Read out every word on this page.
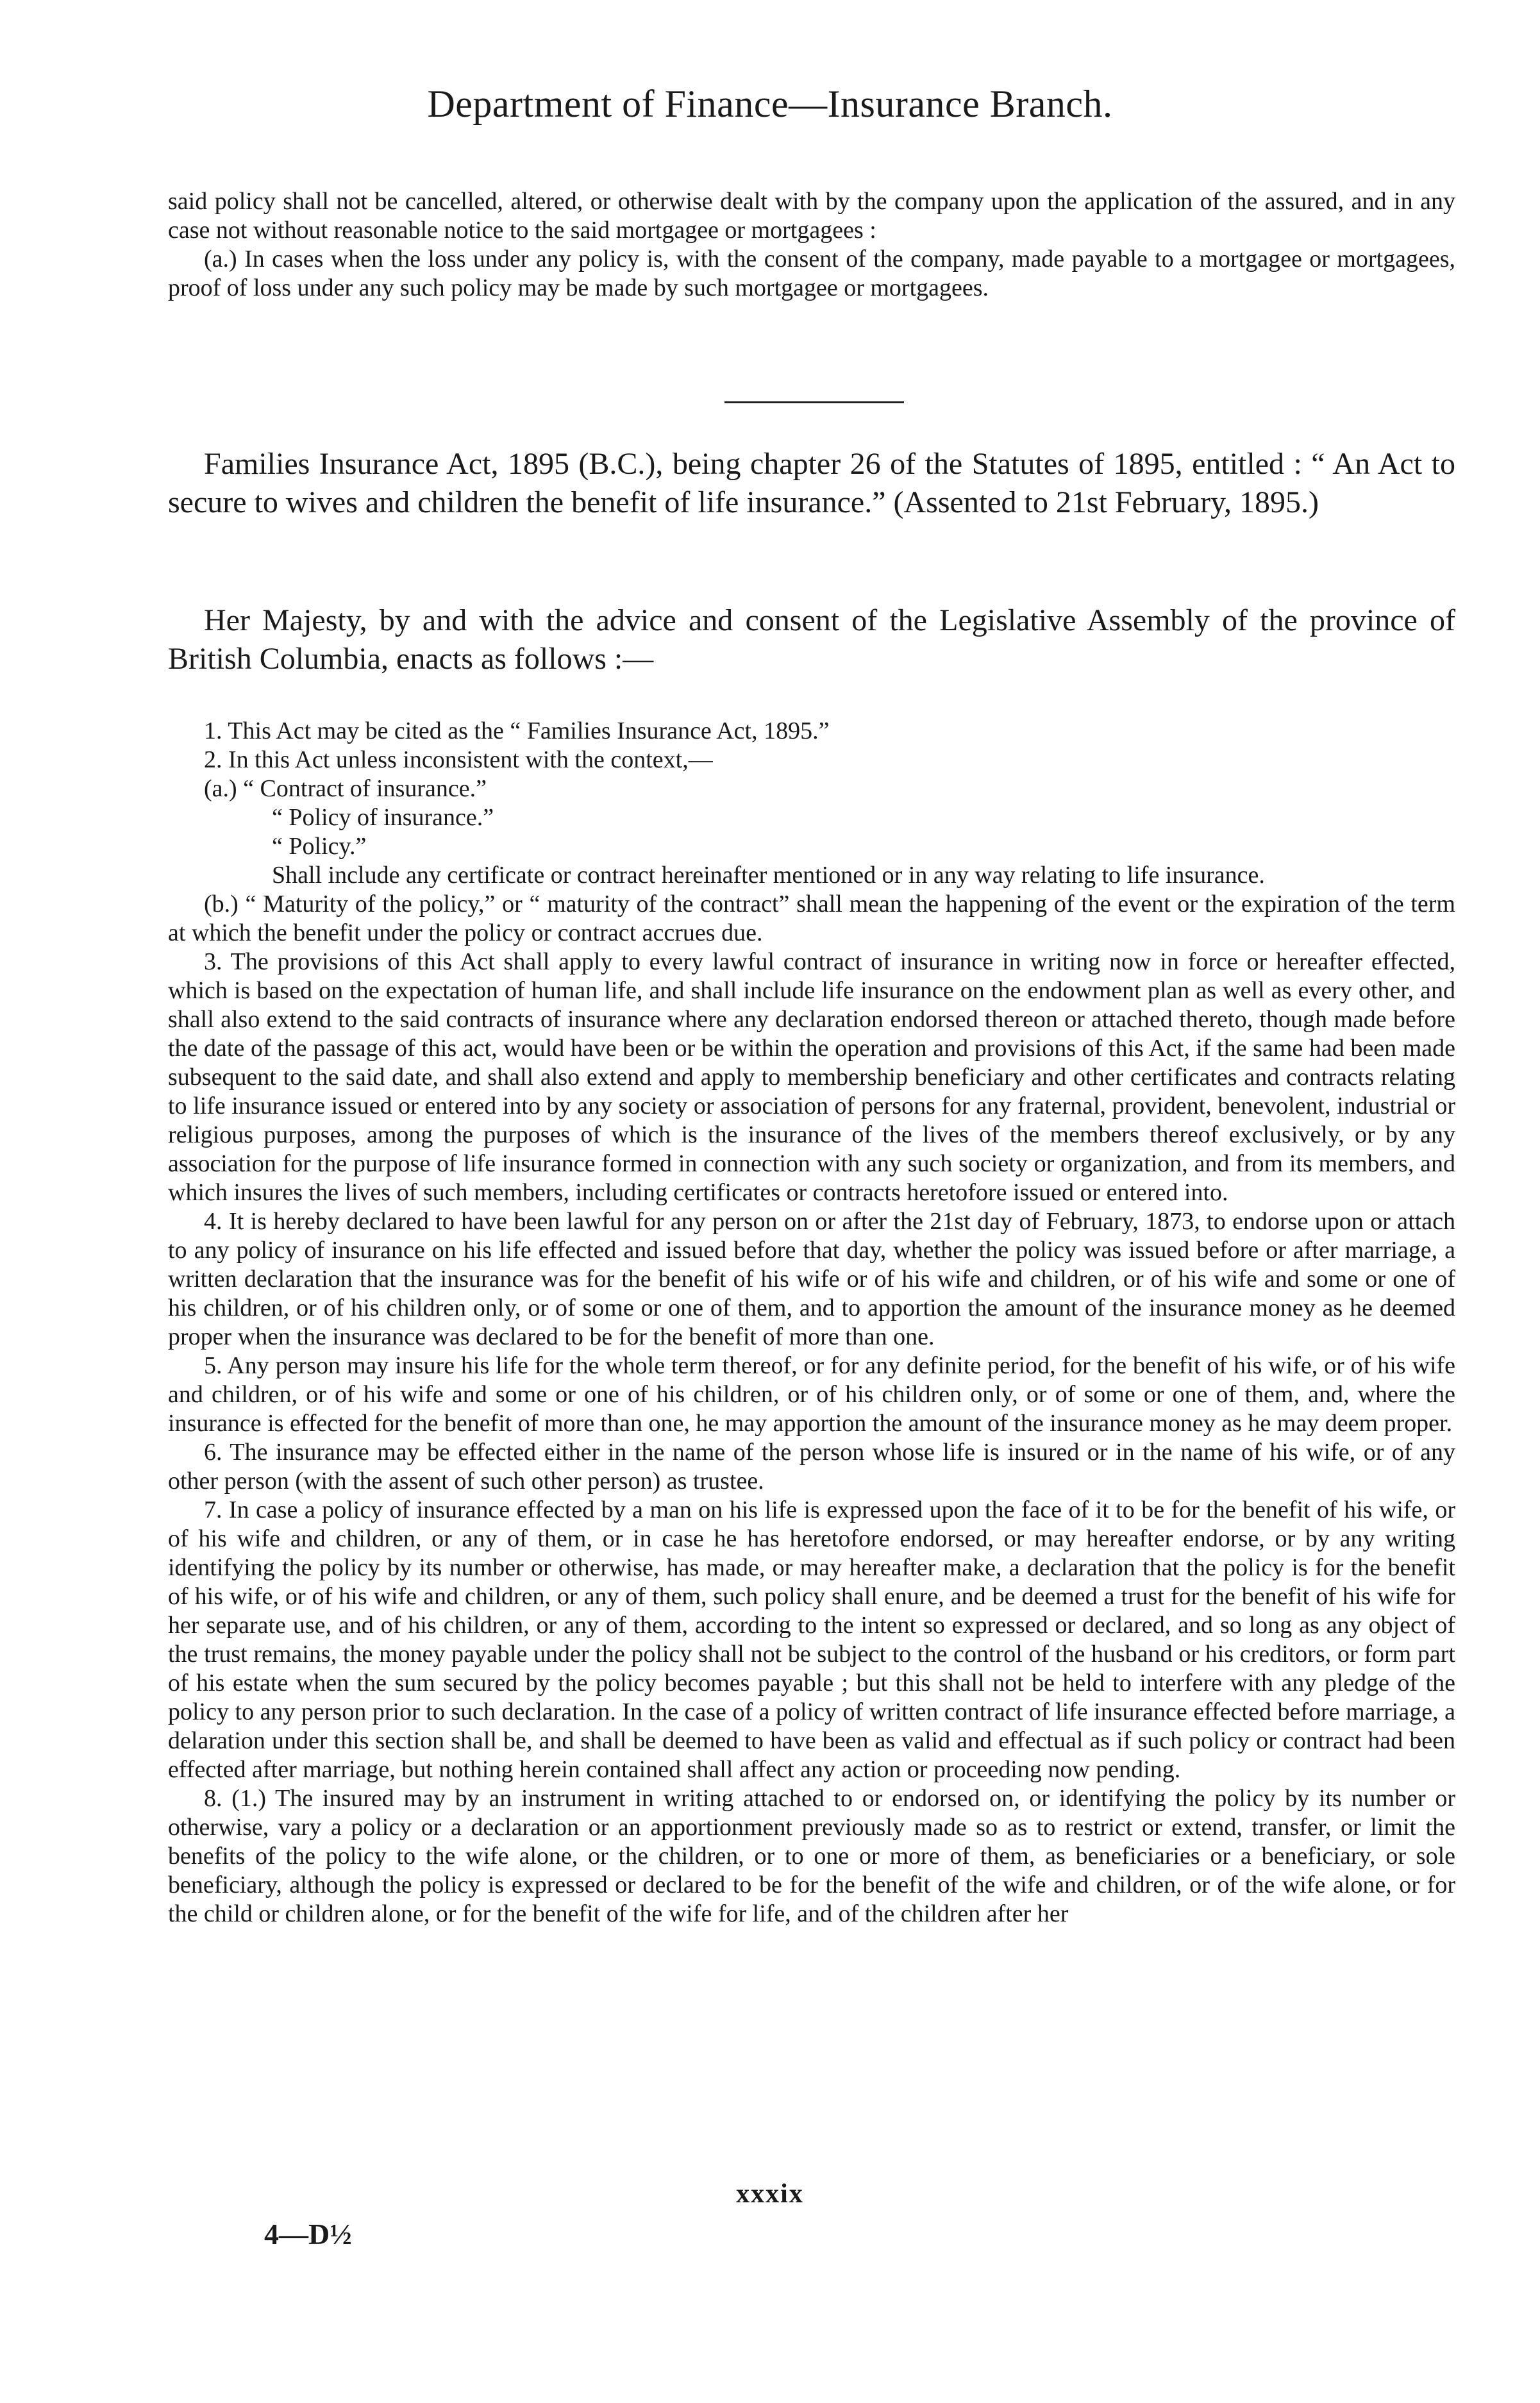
Department of Finance—Insurance Branch.

said policy shall not be cancelled, altered, or otherwise dealt with by the company upon the application of the assured, and in any case not without reasonable notice to the said mortgagee or mortgagees :

(a.) In cases when the loss under any policy is, with the consent of the company, made payable to a mortgagee or mortgagees, proof of loss under any such policy may be made by such mortgagee or mortgagees.

Families Insurance Act, 1895 (B.C.), being chapter 26 of the Statutes of 1895, entitled : “ An Act to secure to wives and children the benefit of life insurance.” (Assented to 21st February, 1895.)

Her Majesty, by and with the advice and consent of the Legislative Assembly of the province of British Columbia, enacts as follows :—

1. This Act may be cited as the “ Families Insurance Act, 1895.”

2. In this Act unless inconsistent with the context,—

(a.) “ Contract of insurance.”

“ Policy of insurance.”

“ Policy.”

Shall include any certificate or contract hereinafter mentioned or in any way relating to life insurance.

(b.) “ Maturity of the policy,” or “ maturity of the contract” shall mean the happening of the event or the expiration of the term at which the benefit under the policy or contract accrues due.

3. The provisions of this Act shall apply to every lawful contract of insurance in writing now in force or hereafter effected, which is based on the expectation of human life, and shall include life insurance on the endowment plan as well as every other, and shall also extend to the said contracts of insurance where any declaration endorsed thereon or attached thereto, though made before the date of the passage of this act, would have been or be within the operation and provisions of this Act, if the same had been made subsequent to the said date, and shall also extend and apply to membership beneficiary and other certificates and contracts relating to life insurance issued or entered into by any society or association of persons for any fraternal, provident, benevolent, industrial or religious purposes, among the purposes of which is the insurance of the lives of the members thereof exclusively, or by any association for the purpose of life insurance formed in connection with any such society or organization, and from its members, and which insures the lives of such members, including certificates or contracts heretofore issued or entered into.

4. It is hereby declared to have been lawful for any person on or after the 21st day of February, 1873, to endorse upon or attach to any policy of insurance on his life effected and issued before that day, whether the policy was issued before or after marriage, a written declaration that the insurance was for the benefit of his wife or of his wife and children, or of his wife and some or one of his children, or of his children only, or of some or one of them, and to apportion the amount of the insurance money as he deemed proper when the insurance was declared to be for the benefit of more than one.

5. Any person may insure his life for the whole term thereof, or for any definite period, for the benefit of his wife, or of his wife and children, or of his wife and some or one of his children, or of his children only, or of some or one of them, and, where the insurance is effected for the benefit of more than one, he may apportion the amount of the insurance money as he may deem proper.

6. The insurance may be effected either in the name of the person whose life is insured or in the name of his wife, or of any other person (with the assent of such other person) as trustee.

7. In case a policy of insurance effected by a man on his life is expressed upon the face of it to be for the benefit of his wife, or of his wife and children, or any of them, or in case he has heretofore endorsed, or may hereafter endorse, or by any writing identifying the policy by its number or otherwise, has made, or may hereafter make, a declaration that the policy is for the benefit of his wife, or of his wife and children, or any of them, such policy shall enure, and be deemed a trust for the benefit of his wife for her separate use, and of his children, or any of them, according to the intent so expressed or declared, and so long as any object of the trust remains, the money payable under the policy shall not be subject to the control of the husband or his creditors, or form part of his estate when the sum secured by the policy becomes payable ; but this shall not be held to interfere with any pledge of the policy to any person prior to such declaration. In the case of a policy of written contract of life insurance effected before marriage, a delaration under this section shall be, and shall be deemed to have been as valid and effectual as if such policy or contract had been effected after marriage, but nothing herein contained shall affect any action or proceeding now pending.

8. (1.) The insured may by an instrument in writing attached to or endorsed on, or identifying the policy by its number or otherwise, vary a policy or a declaration or an apportionment previously made so as to restrict or extend, transfer, or limit the benefits of the policy to the wife alone, or the children, or to one or more of them, as beneficiaries or a beneficiary, or sole beneficiary, although the policy is expressed or declared to be for the benefit of the wife and children, or of the wife alone, or for the child or children alone, or for the benefit of the wife for life, and of the children after her

xxxix
4—D½
